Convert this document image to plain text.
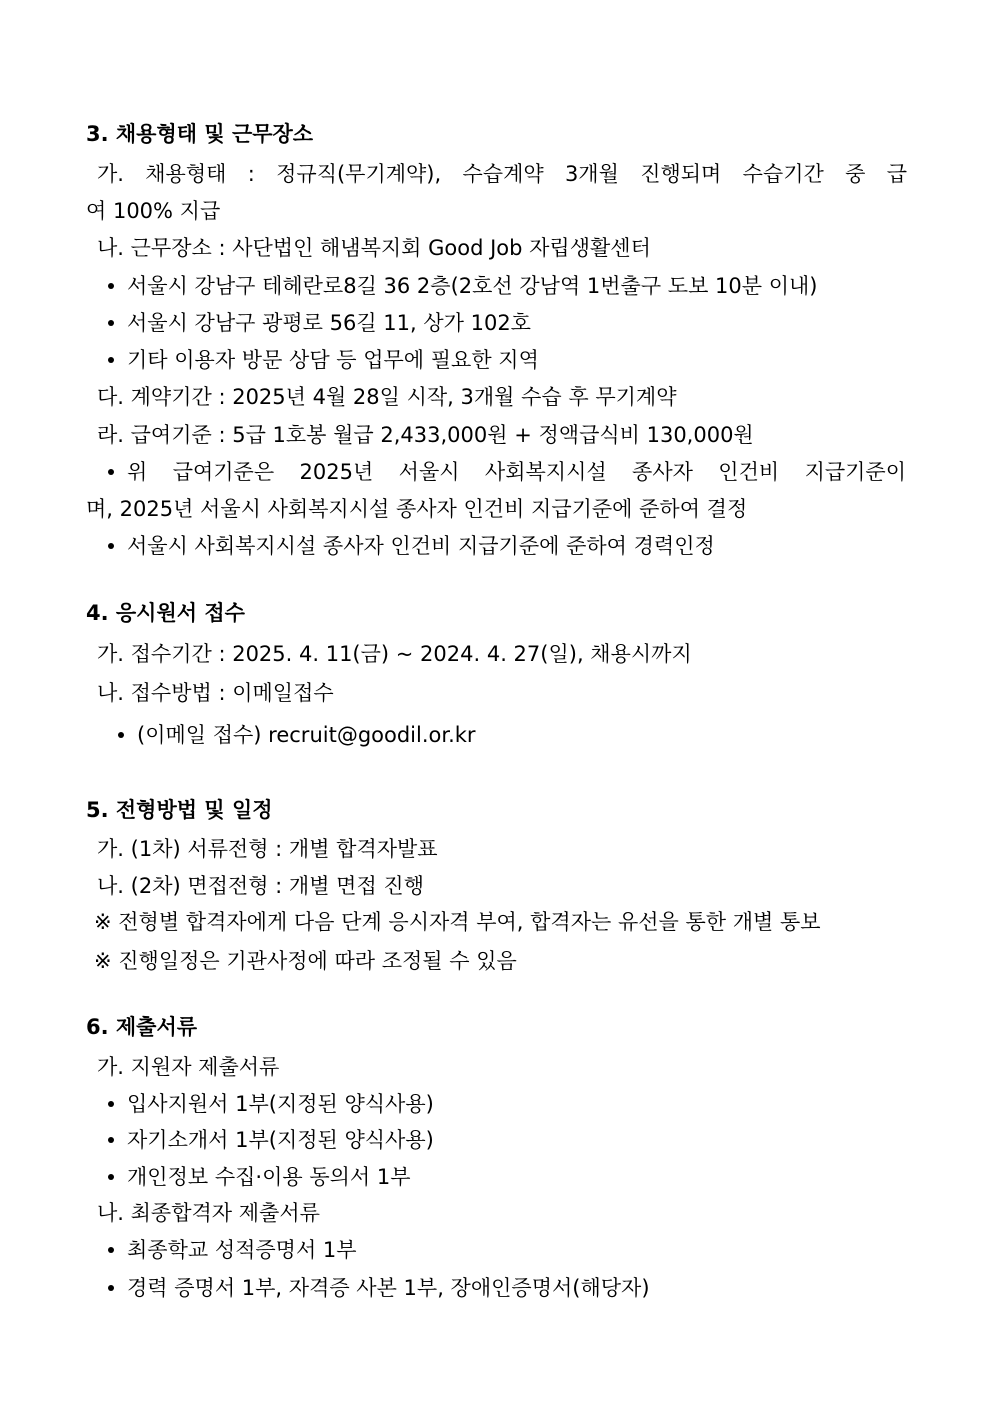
3. 채용형태 및 근무장소
가. 채용형태 : 정규직(무기계약), 수습계약 3개월 진행되며 수습기간 중 급
여 100% 지급
나. 근무장소 : 사단법인 해냄복지회 Good Job 자립생활센터
서울시 강남구 테헤란로8길 36 2층(2호선 강남역 1번출구 도보 10분 이내)
서울시 강남구 광평로 56길 11, 상가 102호
기타 이용자 방문 상담 등 업무에 필요한 지역
다. 계약기간 : 2025년 4월 28일 시작, 3개월 수습 후 무기계약
라. 급여기준 : 5급 1호봉 월급 2,433,000원 + 정액급식비 130,000원
위 급여기준은 2025년 서울시 사회복지시설 종사자 인건비 지급기준이
며, 2025년 서울시 사회복지시설 종사자 인건비 지급기준에 준하여 결정
서울시 사회복지시설 종사자 인건비 지급기준에 준하여 경력인정
4. 응시원서 접수
가. 접수기간 : 2025. 4. 11(금) ~ 2024. 4. 27(일), 채용시까지
나. 접수방법 : 이메일접수
(이메일 접수) recruit@goodil.or.kr
5. 전형방법 및 일정
가. (1차) 서류전형 : 개별 합격자발표
나. (2차) 면접전형 : 개별 면접 진행
※ 전형별 합격자에게 다음 단계 응시자격 부여, 합격자는 유선을 통한 개별 통보
※ 진행일정은 기관사정에 따라 조정될 수 있음
6. 제출서류
가. 지원자 제출서류
입사지원서 1부(지정된 양식사용)
자기소개서 1부(지정된 양식사용)
개인정보 수집·이용 동의서 1부
나. 최종합격자 제출서류
최종학교 성적증명서 1부
경력 증명서 1부, 자격증 사본 1부, 장애인증명서(해당자)
